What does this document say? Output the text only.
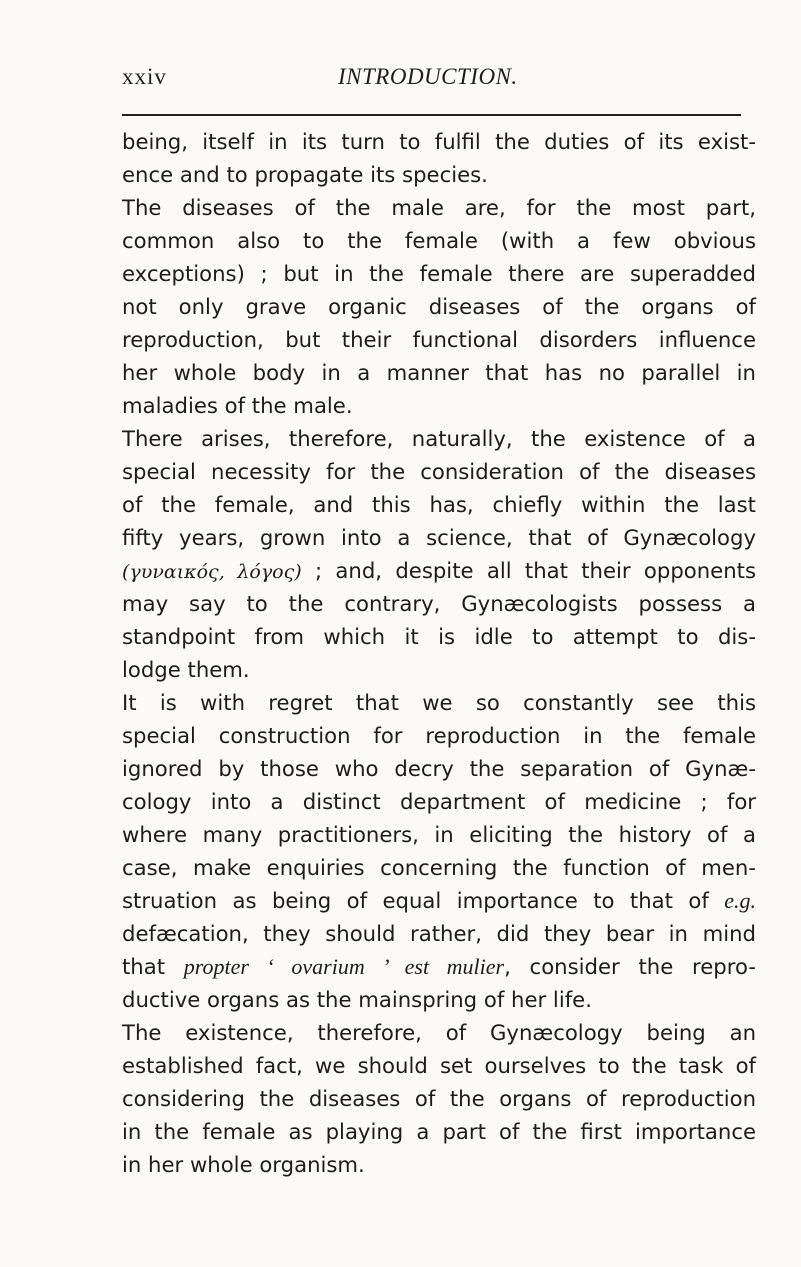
xxiv	INTRODUCTION.
being, itself in its turn to fulfil the duties of its exist-
ence and to propagate its species.
The diseases of the male are, for the most part,
common also to the female (with a few obvious
exceptions) ; but in the female there are superadded
not only grave organic diseases of the organs of
reproduction, but their functional disorders influence
her whole body in a manner that has no parallel in
maladies of the male.
There arises, therefore, naturally, the existence of a
special necessity for the consideration of the diseases
of the female, and this has, chiefly within the last
fifty years, grown into a science, that of Gynæcology
(γυναικός, λόγος) ; and, despite all that their opponents
may say to the contrary, Gynæcologists possess a
standpoint from which it is idle to attempt to dis-
lodge them.
It is with regret that we so constantly see this
special construction for reproduction in the female
ignored by those who decry the separation of Gynæ-
cology into a distinct department of medicine ; for
where many practitioners, in eliciting the history of a
case, make enquiries concerning the function of men-
struation as being of equal importance to that of e.g.
defæcation, they should rather, did they bear in mind
that propter ‘ ovarium ’ est mulier, consider the repro-
ductive organs as the mainspring of her life.
The existence, therefore, of Gynæcology being an
established fact, we should set ourselves to the task of
considering the diseases of the organs of reproduction
in the female as playing a part of the first importance
in her whole organism.
